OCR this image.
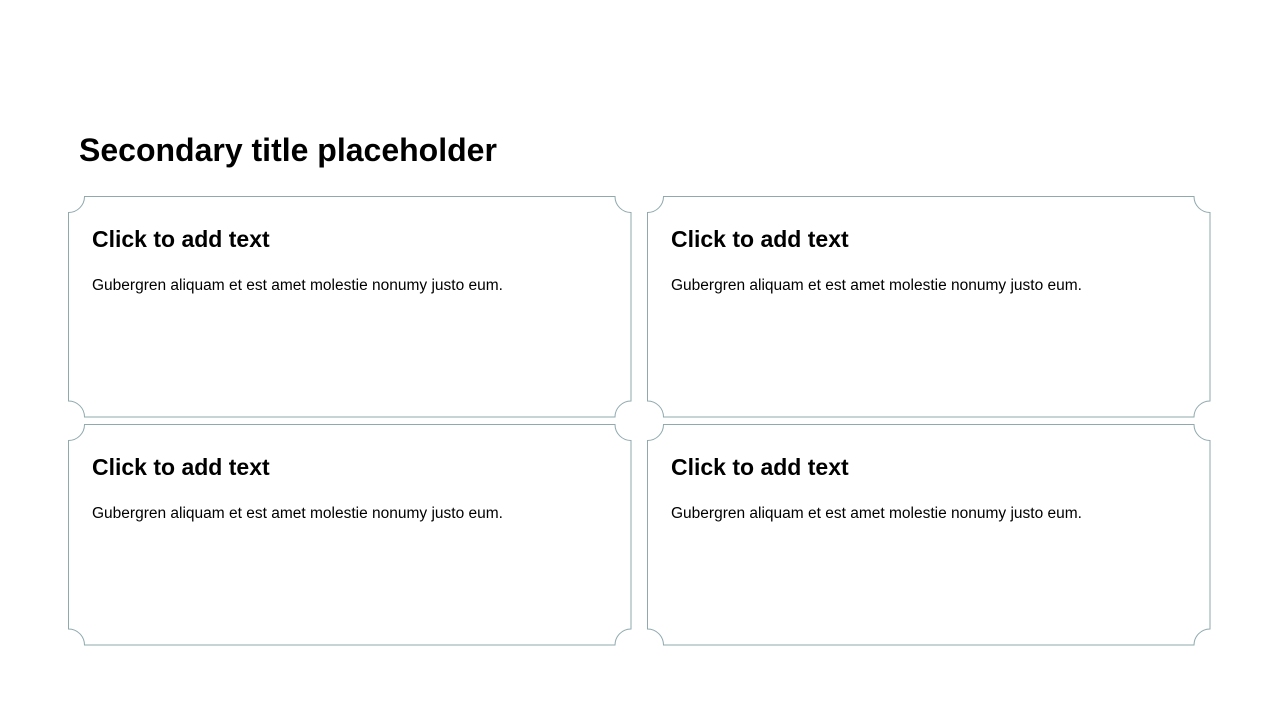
Secondary title placeholder
Click to add text

Gubergren aliquam et est amet molestie nonumy justo eum.

Click to add text

Gubergren aliquam et est amet molestie nonumy justo eum.

Click to add text

Gubergren aliquam et est amet molestie nonumy justo eum.

Click to add text

Gubergren aliquam et est amet molestie nonumy justo eum.
